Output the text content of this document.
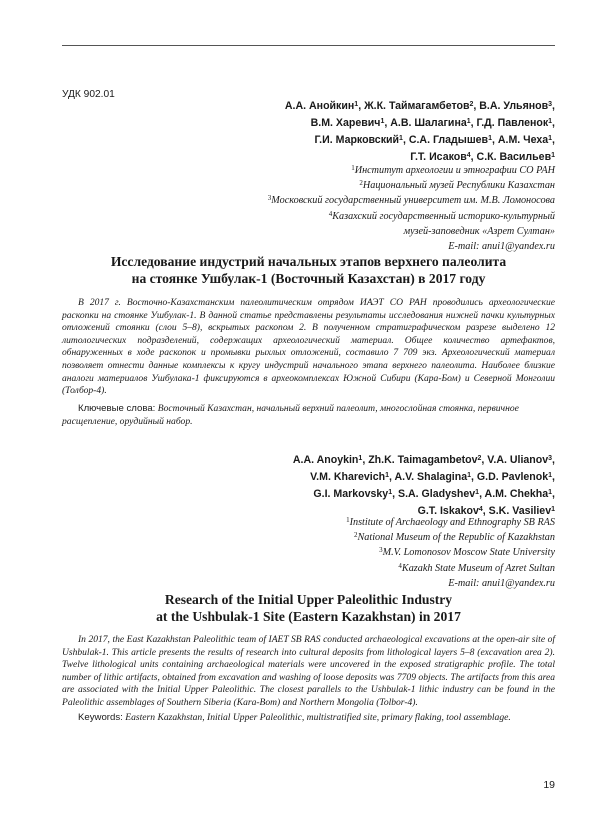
УДК 902.01
А.А. Анойкин$^1$, Ж.К. Таймагамбетов$^2$, В.А. Ульянов$^3$,
В.М. Харевич$^1$, А.В. Шалагина$^1$, Г.Д. Павленок$^1$,
Г.И. Марковский$^1$, С.А. Гладышев$^1$, А.М. Чеха$^1$,
Г.Т. Исаков$^4$, С.К. Васильев$^1$
$^1$Институт археологии и этнографии СО РАН
$^2$Национальный музей Республики Казахстан
$^3$Московский государственный университет им. М.В. Ломоносова
$^4$Казахский государственный историко-культурный
музей-заповедник «Азрет Султан»
E-mail: anui1@yandex.ru
Исследование индустрий начальных этапов верхнего палеолита
на стоянке Ушбулак-1 (Восточный Казахстан) в 2017 году

В 2017 г. Восточно-Казахстанским палеолитическим отрядом ИАЭТ СО РАН проводились археологические раскопки на стоянке Ушбулак-1. В данной статье представлены результаты исследования нижней пачки культурных отложений стоянки (слои 5–8), вскрытых раскопом 2. В полученном стратиграфическом разрезе выделено 12 литологических подразделений, содержащих археологический материал. Общее количество артефактов, обнаруженных в ходе раскопок и промывки рыхлых отложений, составило 7 709 экз. Археологический материал позволяет отнести данные комплексы к кругу индустрий начального этапа верхнего палеолита. Наиболее близкие аналоги материалов Ушбулака-1 фиксируются в археокомплексах Южной Сибири (Кара-Бом) и Северной Монголии (Толбор-4).

Ключевые слова: Восточный Казахстан, начальный верхний палеолит, многослойная стоянка, первичное расщепление, орудийный набор.

A.A. Anoykin$^1$, Zh.K. Taimagambetov$^2$, V.A. Ulianov$^3$,
V.M. Kharevich$^1$, A.V. Shalagina$^1$, G.D. Pavlenok$^1$,
G.I. Markovsky$^1$, S.A. Gladyshev$^1$, A.M. Chekha$^1$,
G.T. Iskakov$^4$, S.K. Vasiliev$^1$
$^1$Institute of Archaeology and Ethnography SB RAS
$^2$National Museum of the Republic of Kazakhstan
$^3$M.V. Lomonosov Moscow State University
$^4$Kazakh State Museum of Azret Sultan
E-mail: anui1@yandex.ru
Research of the Initial Upper Paleolithic Industry
at the Ushbulak-1 Site (Eastern Kazakhstan) in 2017

In 2017, the East Kazakhstan Paleolithic team of IAET SB RAS conducted archaeological excavations at the open-air site of Ushbulak-1. This article presents the results of research into cultural deposits from lithological layers 5–8 (excavation area 2). Twelve lithological units containing archaeological materials were uncovered in the exposed stratigraphic profile. The total number of lithic artifacts, obtained from excavation and washing of loose deposits was 7709 objects. The artifacts from this area are associated with the Initial Upper Paleolithic. The closest parallels to the Ushbulak-1 lithic industry can be found in the Paleolithic assemblages of Southern Siberia (Kara-Bom) and Northern Mongolia (Tolbor-4).

Keywords: Eastern Kazakhstan, Initial Upper Paleolithic, multistratified site, primary flaking, tool assemblage.

19
